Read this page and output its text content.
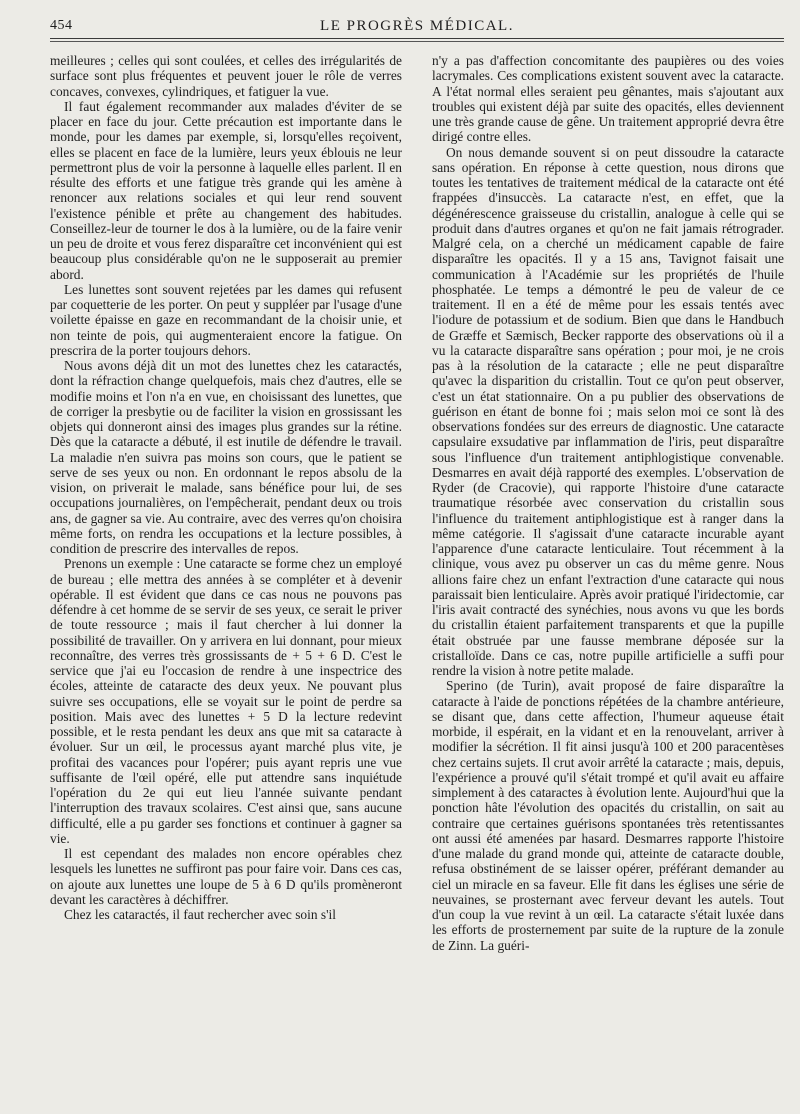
454	LE PROGRÈS MÉDICAL.

meilleures ; celles qui sont coulées, et celles des irrégularités de surface sont plus fréquentes et peuvent jouer le rôle de verres concaves, convexes, cylindriques, et fatiguer la vue.

Il faut également recommander aux malades d'éviter de se placer en face du jour. Cette précaution est importante dans le monde, pour les dames par exemple, si, lorsqu'elles reçoivent, elles se placent en face de la lumière, leurs yeux éblouis ne leur permettront plus de voir la personne à laquelle elles parlent. Il en résulte des efforts et une fatigue très grande qui les amène à renoncer aux relations sociales et qui leur rend souvent l'existence pénible et prête au changement des habitudes. Conseillez-leur de tourner le dos à la lumière, ou de la faire venir un peu de droite et vous ferez disparaître cet inconvénient qui est beaucoup plus considérable qu'on ne le supposerait au premier abord.

Les lunettes sont souvent rejetées par les dames qui refusent par coquetterie de les porter. On peut y suppléer par l'usage d'une voilette épaisse en gaze en recommandant de la choisir unie, et non teinte de pois, qui augmenteraient encore la fatigue. On prescrira de la porter toujours dehors.

Nous avons déjà dit un mot des lunettes chez les cataractés, dont la réfraction change quelquefois, mais chez d'autres, elle se modifie moins et l'on n'a en vue, en choisissant des lunettes, que de corriger la presbytie ou de faciliter la vision en grossissant les objets qui donneront ainsi des images plus grandes sur la rétine. Dès que la cataracte a débuté, il est inutile de défendre le travail. La maladie n'en suivra pas moins son cours, que le patient se serve de ses yeux ou non. En ordonnant le repos absolu de la vision, on priverait le malade, sans bénéfice pour lui, de ses occupations journalières, on l'empêcherait, pendant deux ou trois ans, de gagner sa vie. Au contraire, avec des verres qu'on choisira même forts, on rendra les occupations et la lecture possibles, à condition de prescrire des intervalles de repos.

Prenons un exemple : Une cataracte se forme chez un employé de bureau ; elle mettra des années à se compléter et à devenir opérable. Il est évident que dans ce cas nous ne pouvons pas défendre à cet homme de se servir de ses yeux, ce serait le priver de toute ressource ; mais il faut chercher à lui donner la possibilité de travailler. On y arrivera en lui donnant, pour mieux reconnaître, des verres très grossissants de + 5 + 6 D. C'est le service que j'ai eu l'occasion de rendre à une inspectrice des écoles, atteinte de cataracte des deux yeux. Ne pouvant plus suivre ses occupations, elle se voyait sur le point de perdre sa position. Mais avec des lunettes + 5 D la lecture redevint possible, et le resta pendant les deux ans que mit sa cataracte à évoluer. Sur un œil, le processus ayant marché plus vite, je profitai des vacances pour l'opérer; puis ayant repris une vue suffisante de l'œil opéré, elle put attendre sans inquiétude l'opération du 2e qui eut lieu l'année suivante pendant l'interruption des travaux scolaires. C'est ainsi que, sans aucune difficulté, elle a pu garder ses fonctions et continuer à gagner sa vie.

Il est cependant des malades non encore opérables chez lesquels les lunettes ne suffiront pas pour faire voir. Dans ces cas, on ajoute aux lunettes une loupe de 5 à 6 D qu'ils promèneront devant les caractères à déchiffrer.

Chez les cataractés, il faut rechercher avec soin s'il

n'y a pas d'affection concomitante des paupières ou des voies lacrymales. Ces complications existent souvent avec la cataracte. A l'état normal elles seraient peu gênantes, mais s'ajoutant aux troubles qui existent déjà par suite des opacités, elles deviennent une très grande cause de gêne. Un traitement approprié devra être dirigé contre elles.

On nous demande souvent si on peut dissoudre la cataracte sans opération. En réponse à cette question, nous dirons que toutes les tentatives de traitement médical de la cataracte ont été frappées d'insuccès. La cataracte n'est, en effet, que la dégénérescence graisseuse du cristallin, analogue à celle qui se produit dans d'autres organes et qu'on ne fait jamais rétrograder. Malgré cela, on a cherché un médicament capable de faire disparaître les opacités. Il y a 15 ans, Tavignot faisait une communication à l'Académie sur les propriétés de l'huile phosphatée. Le temps a démontré le peu de valeur de ce traitement. Il en a été de même pour les essais tentés avec l'iodure de potassium et de sodium. Bien que dans le Handbuch de Græffe et Sæmisch, Becker rapporte des observations où il a vu la cataracte disparaître sans opération ; pour moi, je ne crois pas à la résolution de la cataracte ; elle ne peut disparaître qu'avec la disparition du cristallin. Tout ce qu'on peut observer, c'est un état stationnaire. On a pu publier des observations de guérison en étant de bonne foi ; mais selon moi ce sont là des observations fondées sur des erreurs de diagnostic. Une cataracte capsulaire exsudative par inflammation de l'iris, peut disparaître sous l'influence d'un traitement antiphlogistique convenable. Desmarres en avait déjà rapporté des exemples. L'observation de Ryder (de Cracovie), qui rapporte l'histoire d'une cataracte traumatique résorbée avec conservation du cristallin sous l'influence du traitement antiphlogistique est à ranger dans la même catégorie. Il s'agissait d'une cataracte incurable ayant l'apparence d'une cataracte lenticulaire. Tout récemment à la clinique, vous avez pu observer un cas du même genre. Nous allions faire chez un enfant l'extraction d'une cataracte qui nous paraissait bien lenticulaire. Après avoir pratiqué l'iridectomie, car l'iris avait contracté des synéchies, nous avons vu que les bords du cristallin étaient parfaitement transparents et que la pupille était obstruée par une fausse membrane déposée sur la cristalloïde. Dans ce cas, notre pupille artificielle a suffi pour rendre la vision à notre petite malade.

Sperino (de Turin), avait proposé de faire disparaître la cataracte à l'aide de ponctions répétées de la chambre antérieure, se disant que, dans cette affection, l'humeur aqueuse était morbide, il espérait, en la vidant et en la renouvelant, arriver à modifier la sécrétion. Il fit ainsi jusqu'à 100 et 200 paracentèses chez certains sujets. Il crut avoir arrêté la cataracte ; mais, depuis, l'expérience a prouvé qu'il s'était trompé et qu'il avait eu affaire simplement à des cataractes à évolution lente. Aujourd'hui que la ponction hâte l'évolution des opacités du cristallin, on sait au contraire que certaines guérisons spontanées très retentissantes ont aussi été amenées par hasard. Desmarres rapporte l'histoire d'une malade du grand monde qui, atteinte de cataracte double, refusa obstinément de se laisser opérer, préférant demander au ciel un miracle en sa faveur. Elle fit dans les églises une série de neuvaines, se prosternant avec ferveur devant les autels. Tout d'un coup la vue revint à un œil. La cataracte s'était luxée dans les efforts de prosternement par suite de la rupture de la zonule de Zinn. La guéri-
